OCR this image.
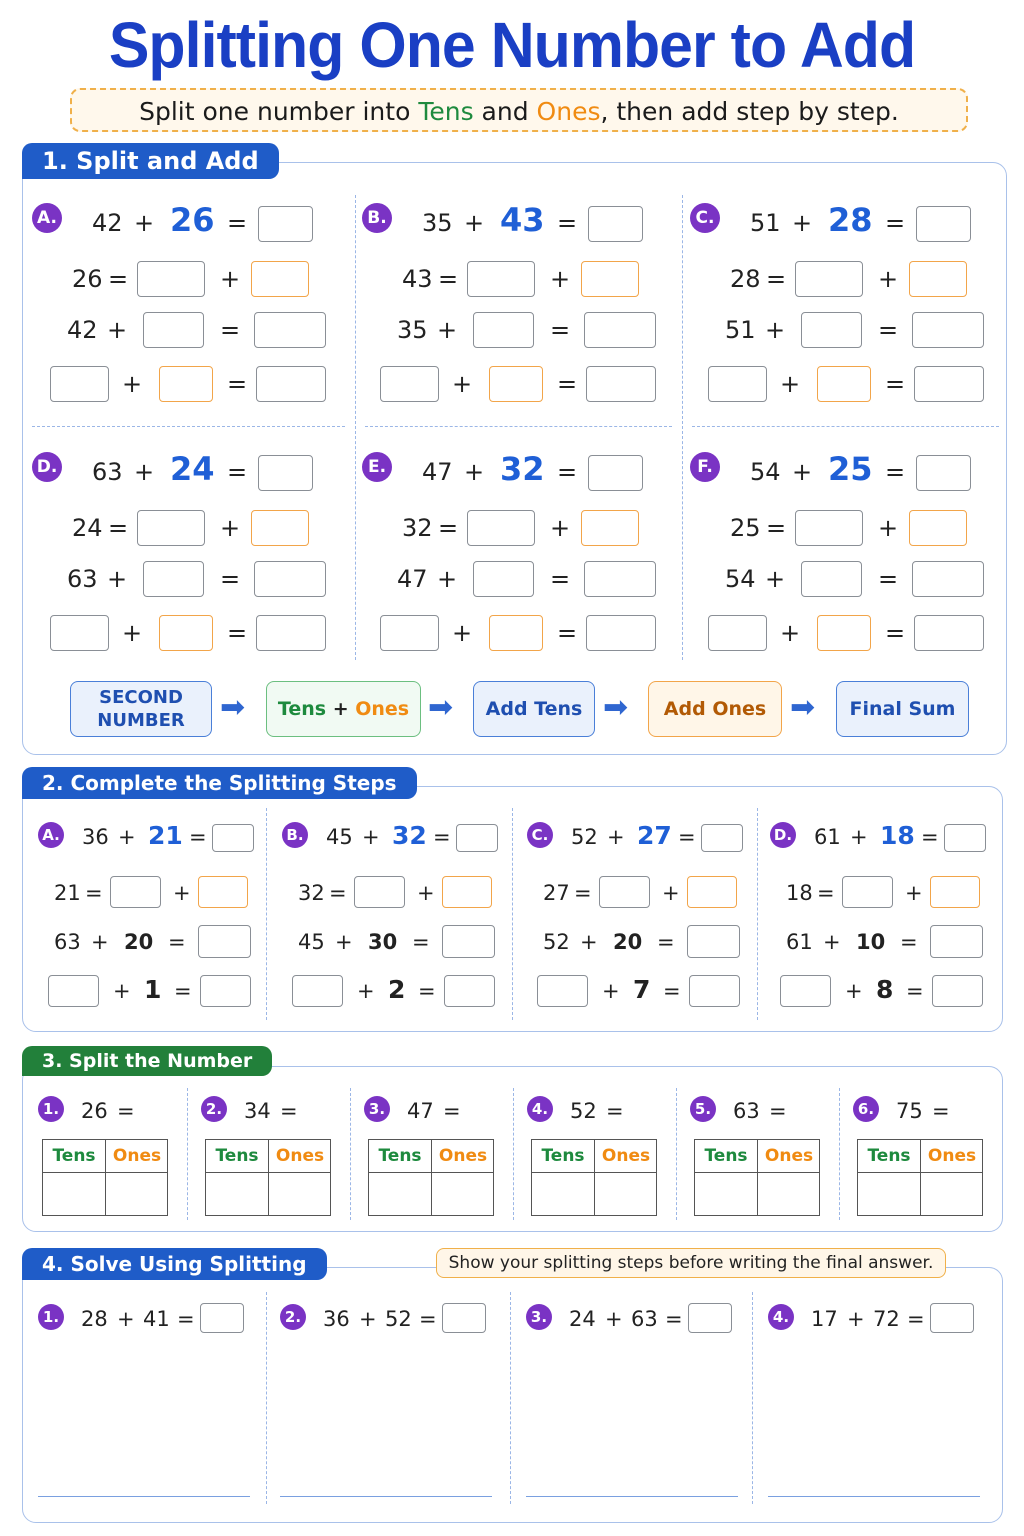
Splitting One Number to Add
Split one number into Tens and Ones, then add step by step.
1. Split and Add
A. 42 + 26 =
26 =	+
42 +	=
+	=
B. 35 + 43 =
43 =	+
35 +	=
+	=
C. 51 + 28 =
28 =	+
51 +	=
+	=
D. 63 + 24 =
24 =	+
63 +	=
+	=
E. 47 + 32 =
32 =	+
47 +	=
+	=
F.	54 + 25 =
25 =	+
54 +	=
+	=
SECOND NUMBER ➡ Tens
+
Ones ➡	Add Tens ➡ Add Ones ➡	Final Sum
2. Complete the Splitting Steps
A. 36 + 21 =
21 =	+
63 + 20 =
+ 1 =
B. 45 + 32 =
32 =	+
45 + 30 =
+ 2 =
C. 52 + 27 =
27 =	+
52 + 20 =
+ 7 =
D. 61 + 18 =
18 =	+
61 + 10 =
+ 8 =
3. Split the Number
1. 26 =
Tens	Ones
2. 34 =
Tens	Ones
3. 47 =
Tens	Ones
4. 52 =
Tens	Ones
5. 63 =
Tens	Ones
6. 75 =
Tens	Ones
4. Solve Using Splitting	Show your splitting steps before writing the final answer.
1. 28 + 41 =	2. 36 + 52 =	3. 24 + 63 =	4. 17 + 72 =
